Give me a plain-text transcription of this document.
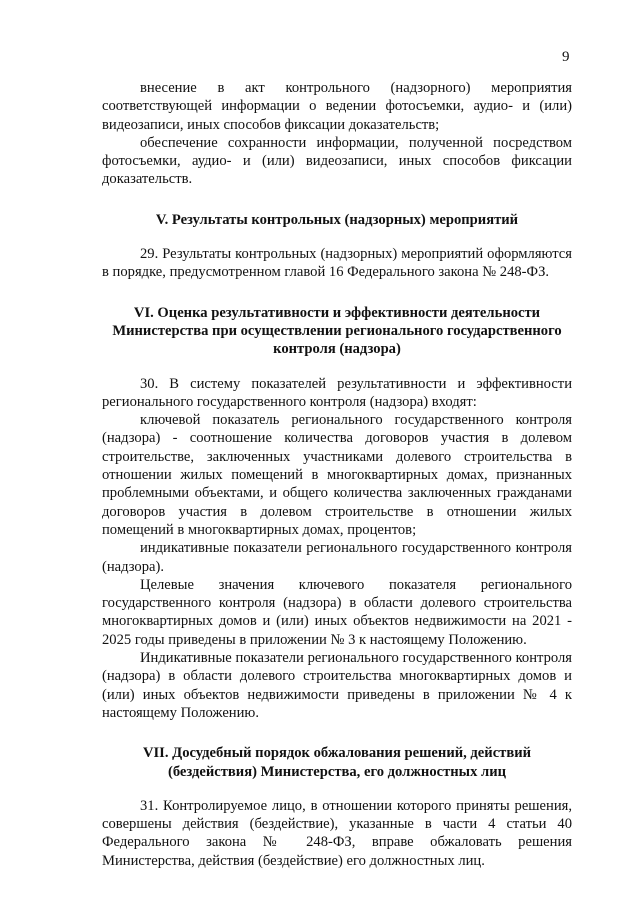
9

внесение в акт контрольного (надзорного) мероприятия соответствующей информации о ведении фотосъемки, аудио- и (или) видеозаписи, иных способов фиксации доказательств;

обеспечение сохранности информации, полученной посредством фотосъемки, аудио- и (или) видеозаписи, иных способов фиксации доказательств.

V. Результаты контрольных (надзорных) мероприятий

29. Результаты контрольных (надзорных) мероприятий оформляются в порядке, предусмотренном главой 16 Федерального закона № 248-ФЗ.

VI. Оценка результативности и эффективности деятельности Министерства при осуществлении регионального государственного контроля (надзора)

30. В систему показателей результативности и эффективности регионального государственного контроля (надзора) входят:

ключевой показатель регионального государственного контроля (надзора) - соотношение количества договоров участия в долевом строительстве, заключенных участниками долевого строительства в отношении жилых помещений в многоквартирных домах, признанных проблемными объектами, и общего количества заключенных гражданами договоров участия в долевом строительстве в отношении жилых помещений в многоквартирных домах, процентов;

индикативные показатели регионального государственного контроля (надзора).

Целевые значения ключевого показателя регионального государственного контроля (надзора) в области долевого строительства многоквартирных домов и (или) иных объектов недвижимости на 2021 - 2025 годы приведены в приложении № 3 к настоящему Положению.

Индикативные показатели регионального государственного контроля (надзора) в области долевого строительства многоквартирных домов и (или) иных объектов недвижимости приведены в приложении № 4 к настоящему Положению.

VII. Досудебный порядок обжалования решений, действий (бездействия) Министерства, его должностных лиц

31. Контролируемое лицо, в отношении которого приняты решения, совершены действия (бездействие), указанные в части 4 статьи 40 Федерального закона № 248-ФЗ, вправе обжаловать решения Министерства, действия (бездействие) его должностных лиц.
